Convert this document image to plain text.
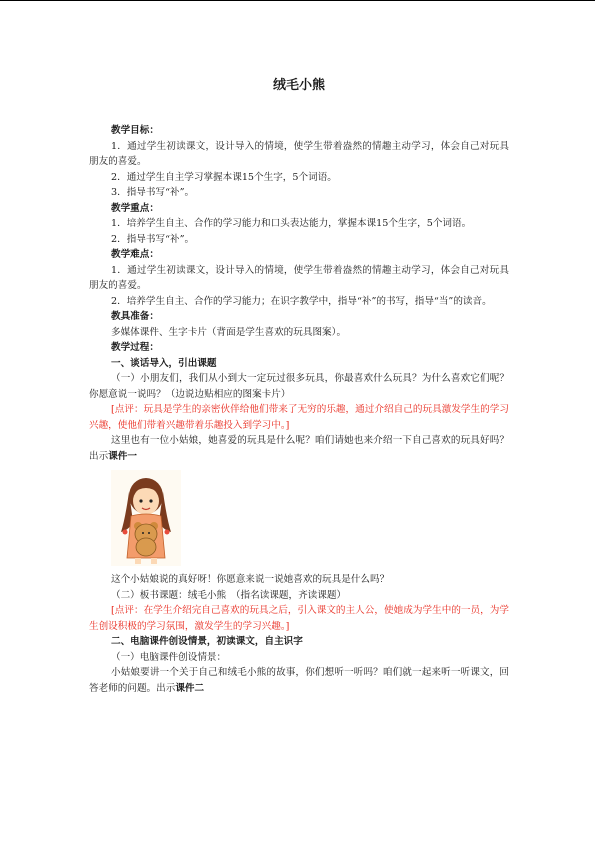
绒毛小熊

教学目标：

1．通过学生初读课文，设计导入的情境，使学生带着盎然的情趣主动学习，体会自己对玩具朋友的喜爱。

2．通过学生自主学习掌握本课15个生字，5个词语。

3．指导书写“补”。

教学重点：

1．培养学生自主、合作的学习能力和口头表达能力，掌握本课15个生字，5个词语。

2．指导书写“补”。

教学难点：

1．通过学生初读课文，设计导入的情境，使学生带着盎然的情趣主动学习，体会自己对玩具朋友的喜爱。

2．培养学生自主、合作的学习能力；在识字教学中，指导“补”的书写，指导“当”的读音。

教具准备：

多媒体课件、生字卡片（背面是学生喜欢的玩具图案）。

教学过程：

一、谈话导入，引出课题

（一）小朋友们，我们从小到大一定玩过很多玩具，你最喜欢什么玩具？为什么喜欢它们呢？你愿意说一说吗？（边说边贴相应的图案卡片）

[点评：玩具是学生的亲密伙伴给他们带来了无穷的乐趣，通过介绍自己的玩具激发学生的学习兴趣，使他们带着兴趣带着乐趣投入到学习中。]

这里也有一位小姑娘，她喜爱的玩具是什么呢？咱们请她也来介绍一下自己喜欢的玩具好吗？出示课件一

这个小姑娘说的真好呀！你愿意来说一说她喜欢的玩具是什么吗？

（二）板书课题：绒毛小熊　（指名读课题，齐读课题）

[点评：在学生介绍完自己喜欢的玩具之后，引入课文的主人公，使她成为学生中的一员，为学生创设积极的学习氛围，激发学生的学习兴趣。]

二、电脑课件创设情景，初读课文，自主识字

（一）电脑课件创设情景：

小姑娘要讲一个关于自己和绒毛小熊的故事，你们想听一听吗？咱们就一起来听一听课文，回答老师的问题。出示课件二
